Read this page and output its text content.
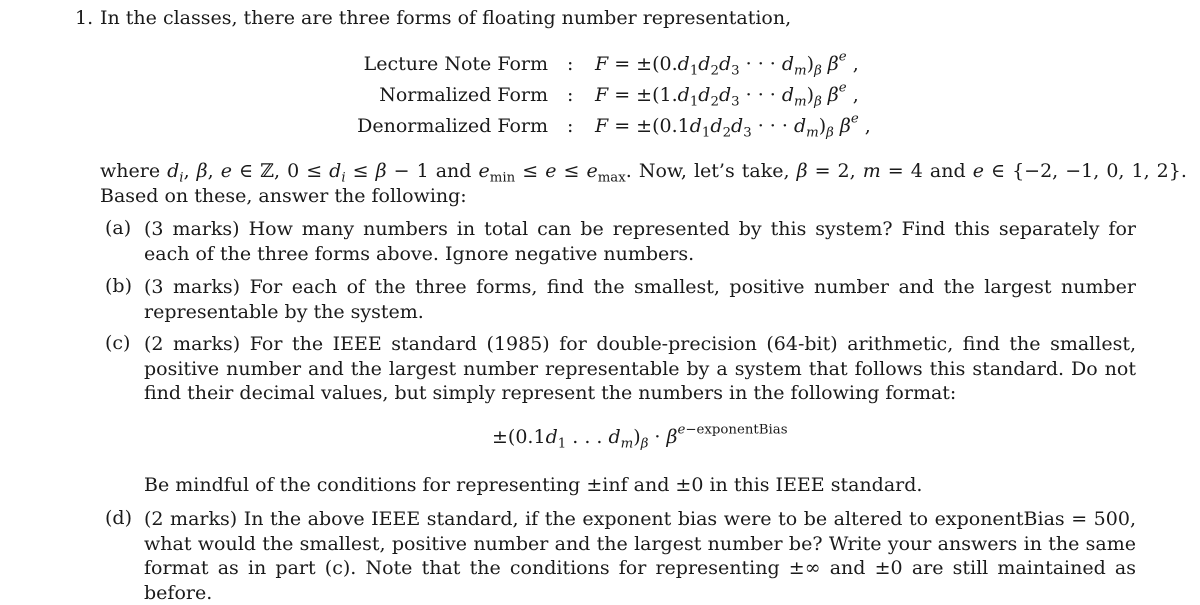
1. In the classes, there are three forms of floating number representation,
Lecture Note Form : $F = \pm(0.d_1d_2d_3$ · · · $d_m)_\beta$ $\beta^e$ ,
Normalized Form : $F = \pm(1.d_1d_2d_3$ · · · $d_m)_\beta$ $\beta^e$ ,
Denormalized Form : $F = \pm(0.1d_1d_2d_3$ · · · $d_m)_\beta$ $\beta^e$ ,
where $d_i$, β, e ∈ ℤ, $0 \le d_i \le \beta - 1$ and $e_{min} \le e \le e_{max}$. Now, let’s take, β = 2, m = 4 and e ∈ {−2, −1, 0, 1, 2}.
Based on these, answer the following:
(a) (3 marks) How many numbers in total can be represented by this system? Find this separately for each of the three forms above. Ignore negative numbers.
(b) (3 marks) For each of the three forms, find the smallest, positive number and the largest number representable by the system.
(c) (2 marks) For the IEEE standard (1985) for double-precision (64-bit) arithmetic, find the smallest, positive number and the largest number representable by a system that follows this standard. Do not find their decimal values, but simply represent the numbers in the following format:
$\pm(0.1d_1$ . . . $d_m)_\beta \cdot \beta^{e-exponentBias}$
Be mindful of the conditions for representing ±inf and ±0 in this IEEE standard.
(d) (2 marks) In the above IEEE standard, if the exponent bias were to be altered to exponentBias = 500, what would the smallest, positive number and the largest number be? Write your answers in the same format as in part (c). Note that the conditions for representing ±∞ and ±0 are still maintained as before.
